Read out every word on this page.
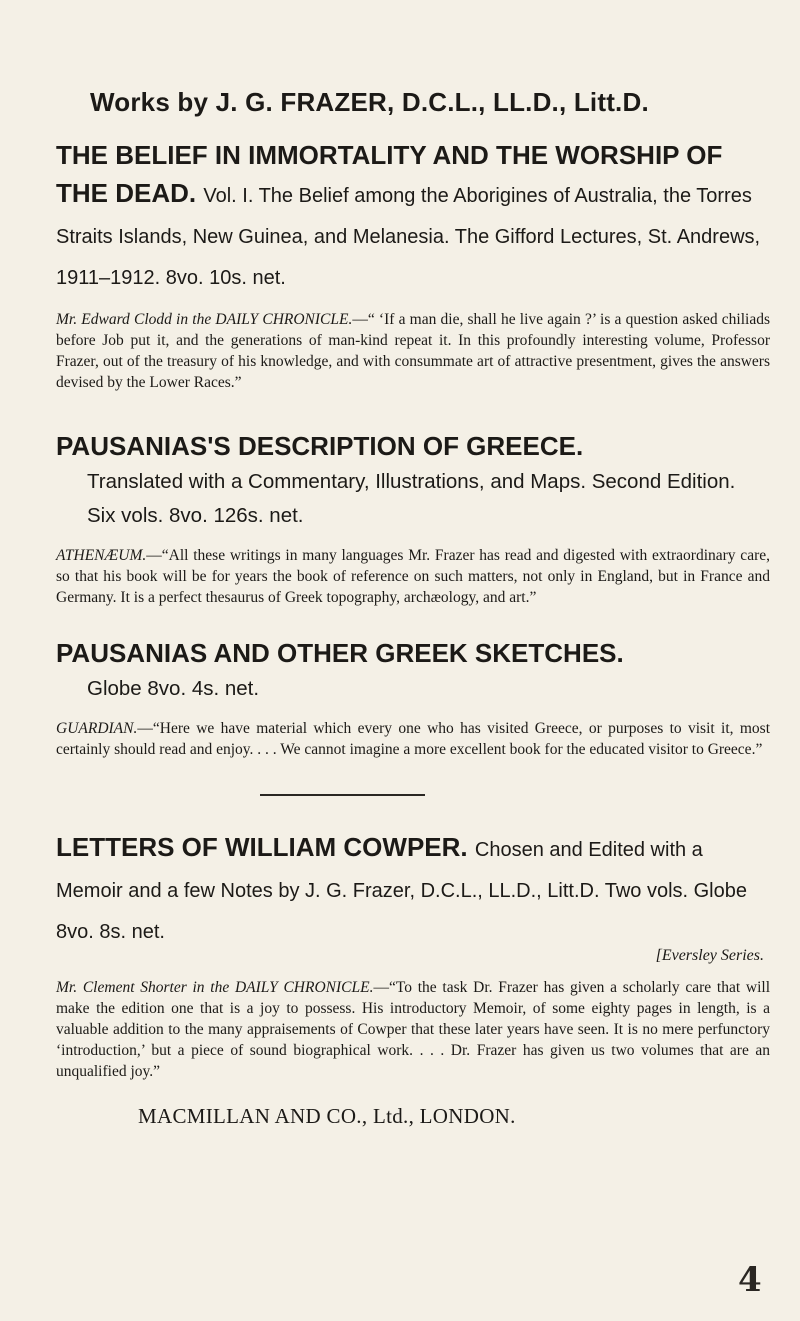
Works by J. G. FRAZER, D.C.L., LL.D., Litt.D.
THE BELIEF IN IMMORTALITY AND THE WORSHIP OF THE DEAD. Vol. I. The Belief among the Aborigines of Australia, the Torres Straits Islands, New Guinea, and Melanesia. The Gifford Lectures, St. Andrews, 1911–1912. 8vo. 10s. net.
Mr. Edward Clodd in the DAILY CHRONICLE.—“ ‘If a man die, shall he live again ?’ is a question asked chiliads before Job put it, and the generations of man-kind repeat it. In this profoundly interesting volume, Professor Frazer, out of the treasury of his knowledge, and with consummate art of attractive presentment, gives the answers devised by the Lower Races.”
PAUSANIAS'S DESCRIPTION OF GREECE.
Translated with a Commentary, Illustrations, and Maps. Second Edition. Six vols. 8vo. 126s. net.
ATHENÆUM.—“All these writings in many languages Mr. Frazer has read and digested with extraordinary care, so that his book will be for years the book of reference on such matters, not only in England, but in France and Germany. It is a perfect thesaurus of Greek topography, archæology, and art.”
PAUSANIAS AND OTHER GREEK SKETCHES.
Globe 8vo. 4s. net.
GUARDIAN.—“Here we have material which every one who has visited Greece, or purposes to visit it, most certainly should read and enjoy. . . . We cannot imagine a more excellent book for the educated visitor to Greece.”
LETTERS OF WILLIAM COWPER. Chosen and Edited with a Memoir and a few Notes by J. G. Frazer, D.C.L., LL.D., Litt.D. Two vols. Globe 8vo. 8s. net.
[Eversley Series.
Mr. Clement Shorter in the DAILY CHRONICLE.—“To the task Dr. Frazer has given a scholarly care that will make the edition one that is a joy to possess. His introductory Memoir, of some eighty pages in length, is a valuable addition to the many appraisements of Cowper that these later years have seen. It is no mere perfunctory ‘introduction,’ but a piece of sound biographical work. . . . Dr. Frazer has given us two volumes that are an unqualified joy.”
MACMILLAN AND CO., Ltd., LONDON.
4
